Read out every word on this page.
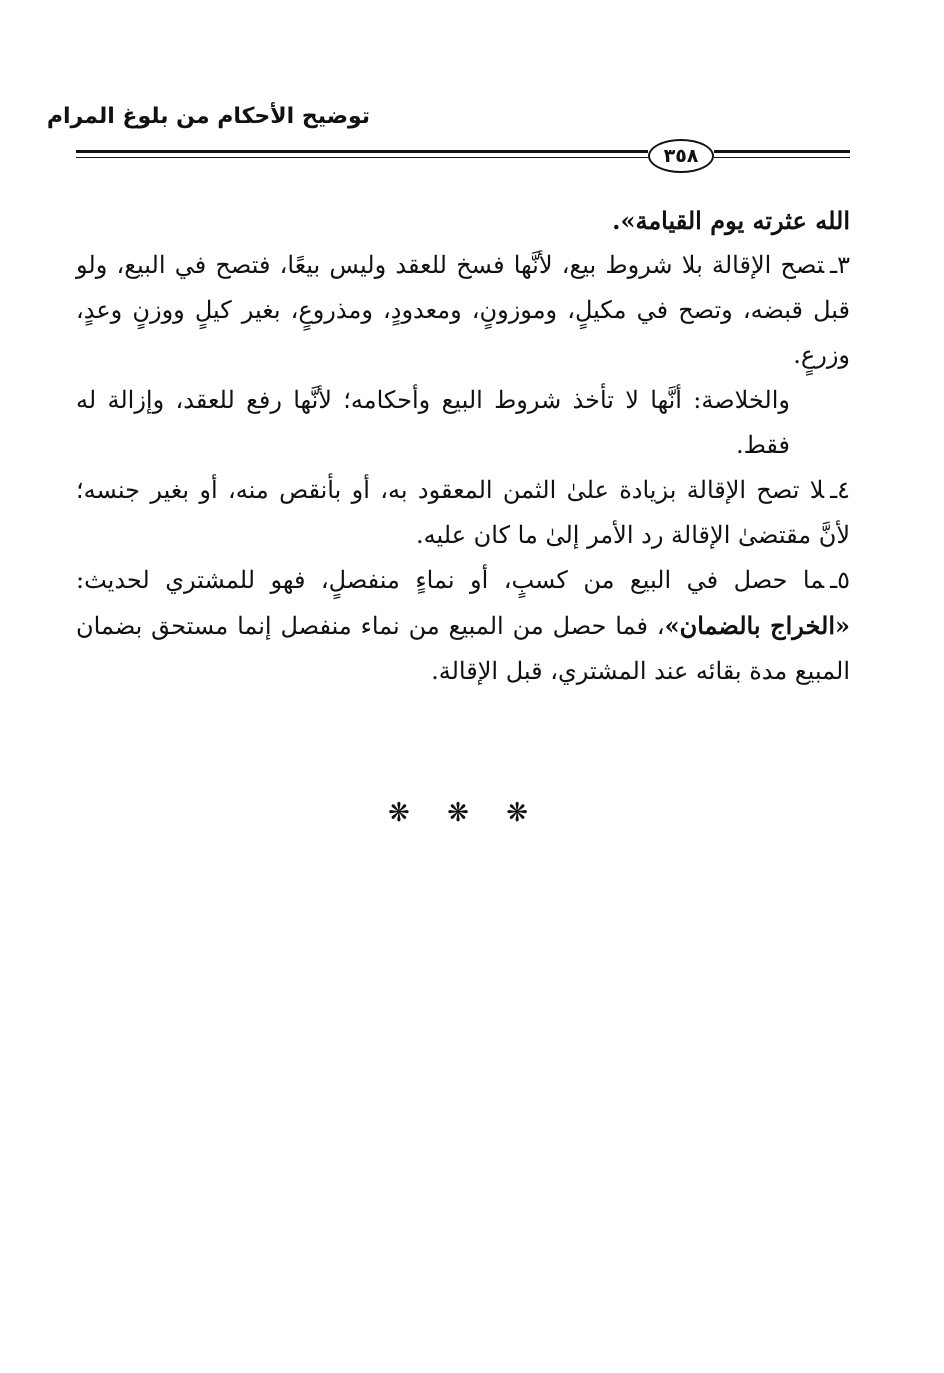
توضيح الأحكام من بلوغ المرام
٣٥٨

الله عثرته يوم القيامة».

٣ـتصح الإقالة بلا شروط بيع، لأنَّها فسخ للعقد وليس بيعًا، فتصح في البيع، ولو قبل قبضه، وتصح في مكيلٍ، وموزونٍ، ومعدودٍ، ومذروعٍ، بغير كيلٍ ووزنٍ وعدٍ، وزرعٍ.

والخلاصة: أنَّها لا تأخذ شروط البيع وأحكامه؛ لأنَّها رفع للعقد، وإزالة له فقط.

٤ـلا تصح الإقالة بزيادة علىٰ الثمن المعقود به، أو بأنقص منه، أو بغير جنسه؛ لأنَّ مقتضىٰ الإقالة رد الأمر إلىٰ ما كان عليه.

٥ـما حصل في البيع من كسبٍ، أو نماءٍ منفصلٍ، فهو للمشتري لحديث: «الخراج بالضمان»، فما حصل من المبيع من نماء منفصل إنما مستحق بضمان المبيع مدة بقائه عند المشتري، قبل الإقالة.

❋ ❋ ❋
